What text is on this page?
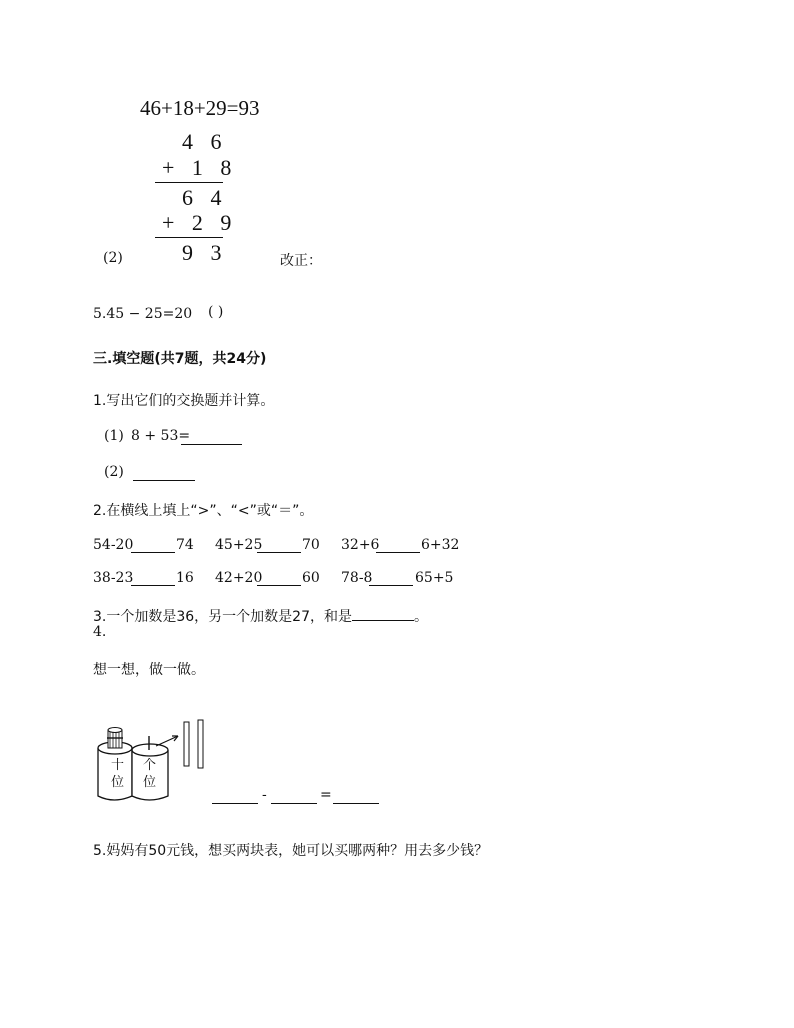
46+18+29=93
4 6
+ 1 8
6 4
+ 2 9
9 3
(2)	改正：
5.45 − 25=20 ( )
三.填空题(共7题，共24分)
1.写出它们的交换题并计算。
(1) 8 + 53=
(2)
2.在横线上填上“>”、“<”或“＝”。
54-20	74 45+25	70 32+6	6+32
38-23	16 42+20	60 78-8	65+5
3.一个加数是36，另一个加数是27，和是	。
4.
想一想，做一做。
十
位
个
位
-	=
5.妈妈有50元钱，想买两块表，她可以买哪两种？用去多少钱？
